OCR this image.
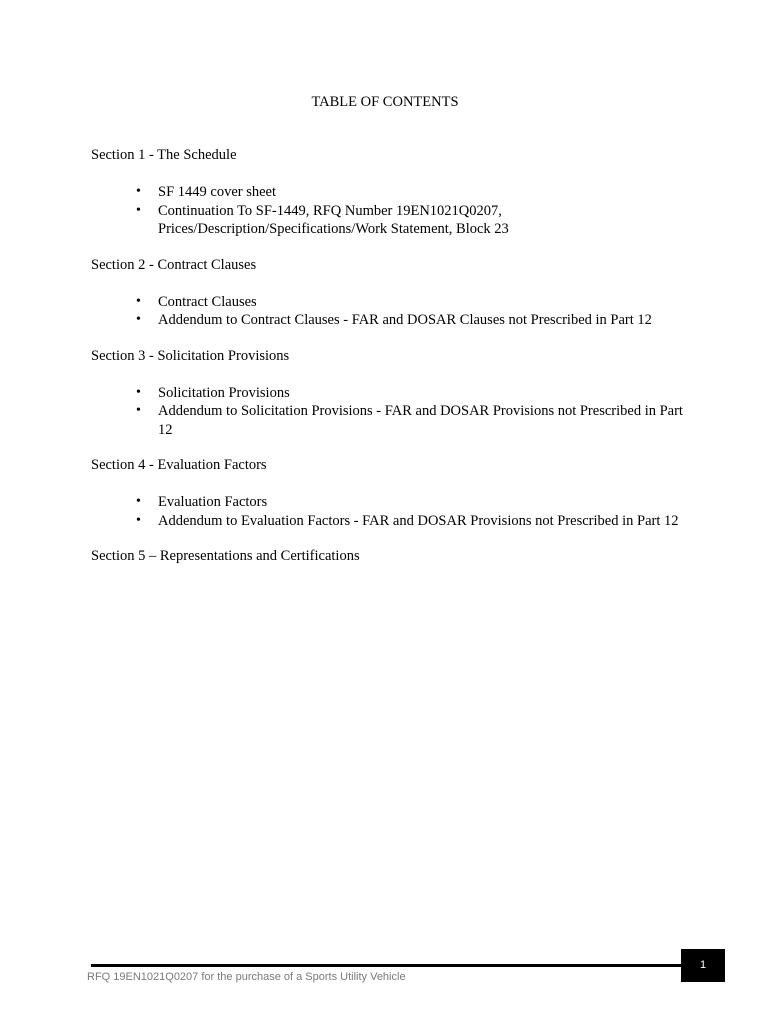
TABLE OF CONTENTS
Section 1 - The Schedule
• SF 1449 cover sheet
• Continuation To SF-1449, RFQ Number 19EN1021Q0207, Prices/Description/Specifications/Work Statement, Block 23
Section 2 - Contract Clauses
• Contract Clauses
• Addendum to Contract Clauses - FAR and DOSAR Clauses not Prescribed in Part 12
Section 3 - Solicitation Provisions
• Solicitation Provisions
• Addendum to Solicitation Provisions - FAR and DOSAR Provisions not Prescribed in Part 12
Section 4 - Evaluation Factors
• Evaluation Factors
• Addendum to Evaluation Factors - FAR and DOSAR Provisions not Prescribed in Part 12
Section 5 – Representations and Certifications
RFQ 19EN1021Q0207 for the purchase of a Sports Utility Vehicle
1
